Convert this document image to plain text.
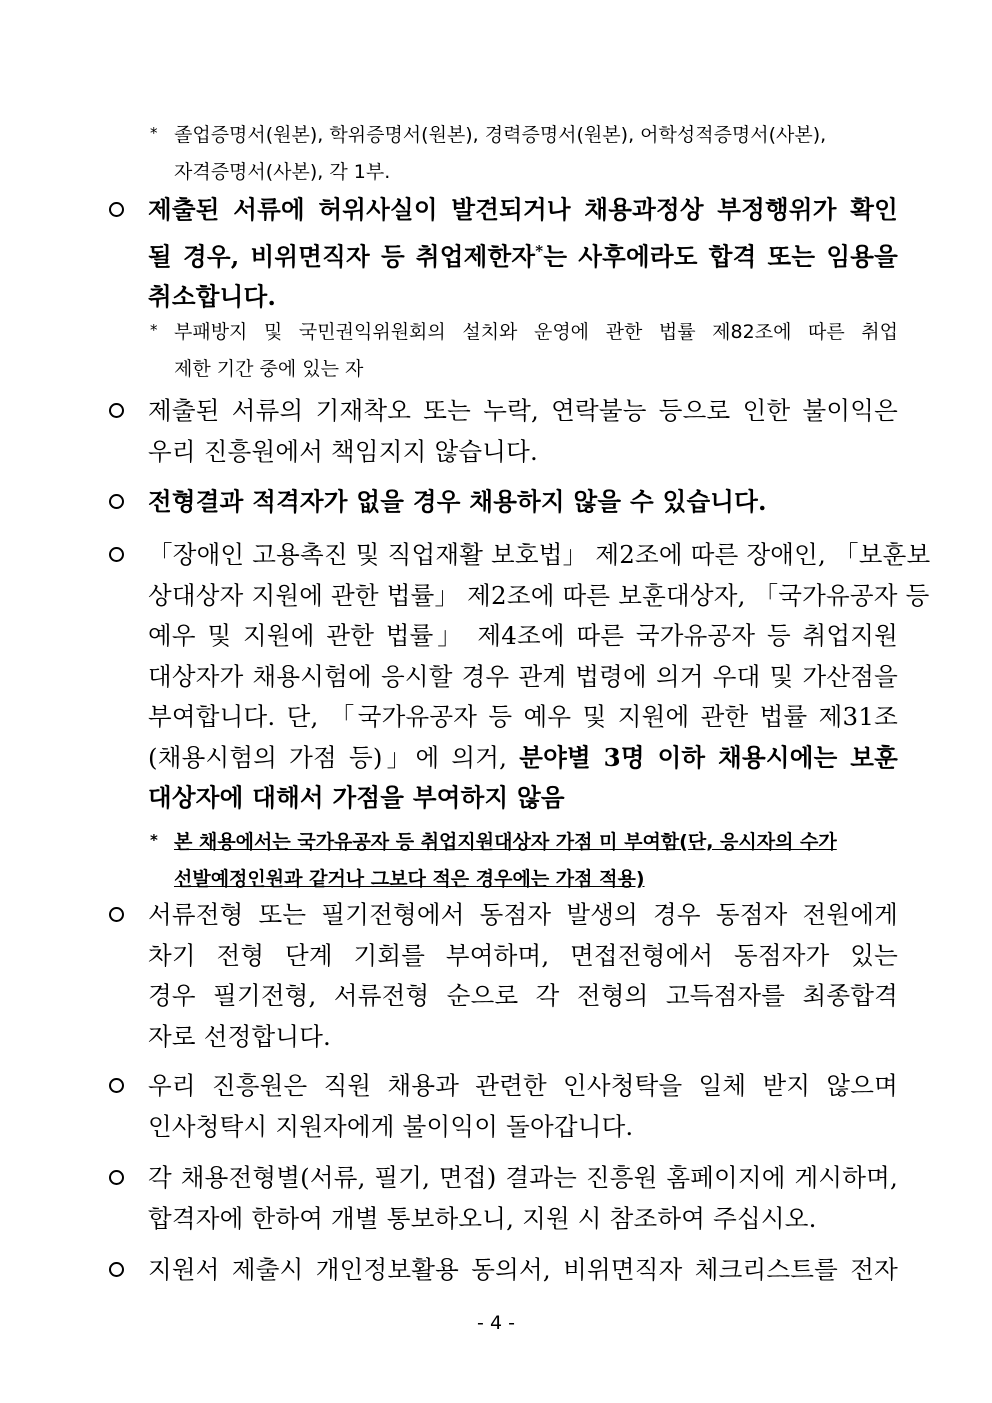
* 졸업증명서(원본), 학위증명서(원본), 경력증명서(원본), 어학성적증명서(사본),
자격증명서(사본), 각 1부.
제출된 서류에 허위사실이 발견되거나 채용과정상 부정행위가 확인
될 경우, 비위면직자 등 취업제한자*는 사후에라도 합격 또는 임용을
취소합니다.
* 부패방지 및 국민권익위원회의 설치와 운영에 관한 법률 제82조에 따른 취업
제한 기간 중에 있는 자
제출된 서류의 기재착오 또는 누락, 연락불능 등으로 인한 불이익은
우리 진흥원에서 책임지지 않습니다.
전형결과 적격자가 없을 경우 채용하지 않을 수 있습니다.
「장애인 고용촉진 및 직업재활 보호법」 제2조에 따른 장애인, 「보훈보
상대상자 지원에 관한 법률」 제2조에 따른 보훈대상자, 「국가유공자 등
예우 및 지원에 관한 법률」 제4조에 따른 국가유공자 등 취업지원
대상자가 채용시험에 응시할 경우 관계 법령에 의거 우대 및 가산점을
부여합니다. 단, 「국가유공자 등 예우 및 지원에 관한 법률 제31조
(채용시험의 가점 등)」에 의거, 분야별 3명 이하 채용시에는 보훈
대상자에 대해서 가점을 부여하지 않음
* 본 채용에서는 국가유공자 등 취업지원대상자 가점 미 부여함(단, 응시자의 수가
선발예정인원과 같거나 그보다 적은 경우에는 가점 적용)
서류전형 또는 필기전형에서 동점자 발생의 경우 동점자 전원에게
차기 전형 단계 기회를 부여하며, 면접전형에서 동점자가 있는
경우 필기전형, 서류전형 순으로 각 전형의 고득점자를 최종합격
자로 선정합니다.
우리 진흥원은 직원 채용과 관련한 인사청탁을 일체 받지 않으며
인사청탁시 지원자에게 불이익이 돌아갑니다.
각 채용전형별(서류, 필기, 면접) 결과는 진흥원 홈페이지에 게시하며,
합격자에 한하여 개별 통보하오니, 지원 시 참조하여 주십시오.
지원서 제출시 개인정보활용 동의서, 비위면직자 체크리스트를 전자
- 4 -
